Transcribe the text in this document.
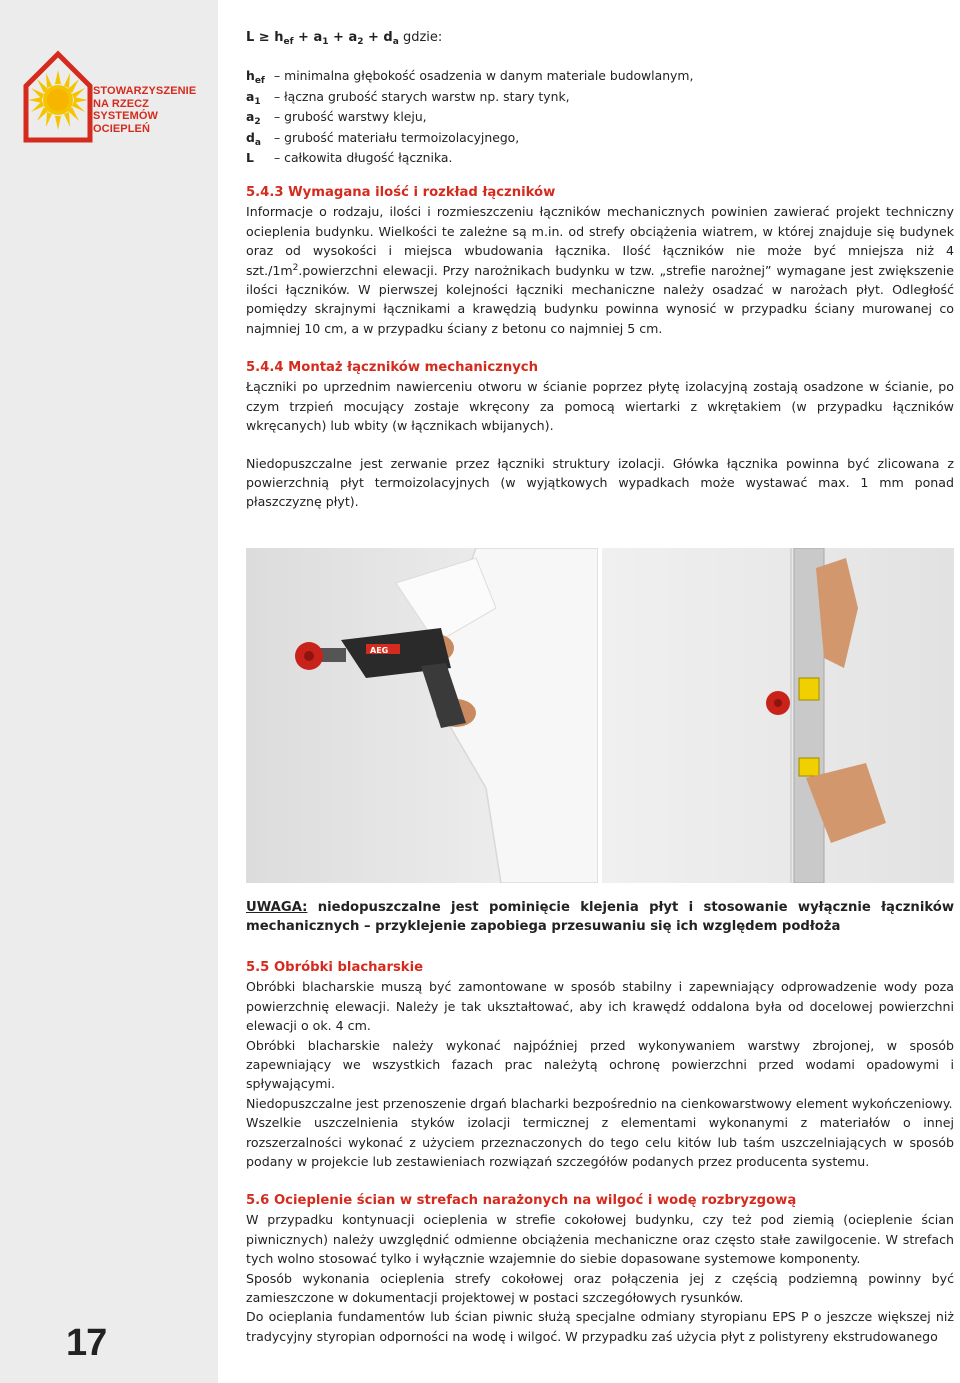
STOWARZYSZENIE
NA RZECZ
SYSTEMÓW OCIEPLEŃ
17
$L \ge h_{ef} + a_1 + a_2 + d_a$ gdzie:
$h_{ef}$ – minimalna głębokość osadzenia w danym materiale budowlanym,
$a_1$	– łączna grubość starych warstw np. stary tynk,
$a_2$	– grubość warstwy kleju,
$d_a$	– grubość materiału termoizolacyjnego,
L	– całkowita długość łącznika.
5.4.3 Wymagana ilość i rozkład łączników

Informacje o rodzaju, ilości i rozmieszczeniu łączników mechanicznych powinien zawierać projekt techniczny ocieplenia budynku. Wielkości te zależne są m.in. od strefy obciążenia wiatrem, w której znajduje się budynek oraz od wysokości i miejsca wbudowania łącznika. Ilość łączników nie może być mniejsza niż 4 $szt./1m^2.powierzchni$ elewacji. Przy narożnikach budynku w tzw. „strefie narożnej” wymagane jest zwiększenie ilości łączników. W pierwszej kolejności łączniki mechaniczne należy osadzać w narożach płyt. Odległość pomiędzy skrajnymi łącznikami a krawędzią budynku powinna wynosić w przypadku ściany murowanej co najmniej 10 cm, a w przypadku ściany z betonu co najmniej 5 cm.

5.4.4 Montaż łączników mechanicznych

Łączniki po uprzednim nawierceniu otworu w ścianie poprzez płytę izolacyjną zostają osadzone w ścianie, po czym trzpień mocujący zostaje wkręcony za pomocą wiertarki z wkrętakiem (w przypadku łączników wkręcanych) lub wbity (w łącznikach wbijanych).

Niedopuszczalne jest zerwanie przez łączniki struktury izolacji. Główka łącznika powinna być zlicowana z powierzchnią płyt termoizolacyjnych (w wyjątkowych wypadkach może wystawać max. 1 mm ponad płaszczyznę płyt).

UWAGA: niedopuszczalne jest pominięcie klejenia płyt i stosowanie wyłącznie łączników mechanicznych – przyklejenie zapobiega przesuwaniu się ich względem podłoża
5.5 Obróbki blacharskie

Obróbki blacharskie muszą być zamontowane w sposób stabilny i zapewniający odprowadzenie wody poza powierzchnię elewacji. Należy je tak ukształtować, aby ich krawędź oddalona była od docelowej powierzchni elewacji o ok. 4 cm.

Obróbki blacharskie należy wykonać najpóźniej przed wykonywaniem warstwy zbrojonej, w sposób zapewniający we wszystkich fazach prac należytą ochronę powierzchni przed wodami opadowymi i spływającymi.

Niedopuszczalne jest przenoszenie drgań blacharki bezpośrednio na cienkowarstwowy element wykończeniowy.

Wszelkie uszczelnienia styków izolacji termicznej z elementami wykonanymi z materiałów o innej rozszerzalności wykonać z użyciem przeznaczonych do tego celu kitów lub taśm uszczelniających w sposób podany w projekcie lub zestawieniach rozwiązań szczegółów podanych przez producenta systemu.

5.6 Ocieplenie ścian w strefach narażonych na wilgoć i wodę rozbryzgową

W przypadku kontynuacji ocieplenia w strefie cokołowej budynku, czy też pod ziemią (ocieplenie ścian piwnicznych) należy uwzględnić odmienne obciążenia mechaniczne oraz często stałe zawilgocenie. W strefach tych wolno stosować tylko i wyłącznie wzajemnie do siebie dopasowane systemowe komponenty.

Sposób wykonania ocieplenia strefy cokołowej oraz połączenia jej z częścią podziemną powinny być zamieszczone w dokumentacji projektowej w postaci szczegółowych rysunków.

Do ocieplania fundamentów lub ścian piwnic służą specjalne odmiany styropianu EPS P o jeszcze większej niż tradycyjny styropian odporności na wodę i wilgoć. W przypadku zaś użycia płyt z polistyreny ekstrudowanego

AEG
